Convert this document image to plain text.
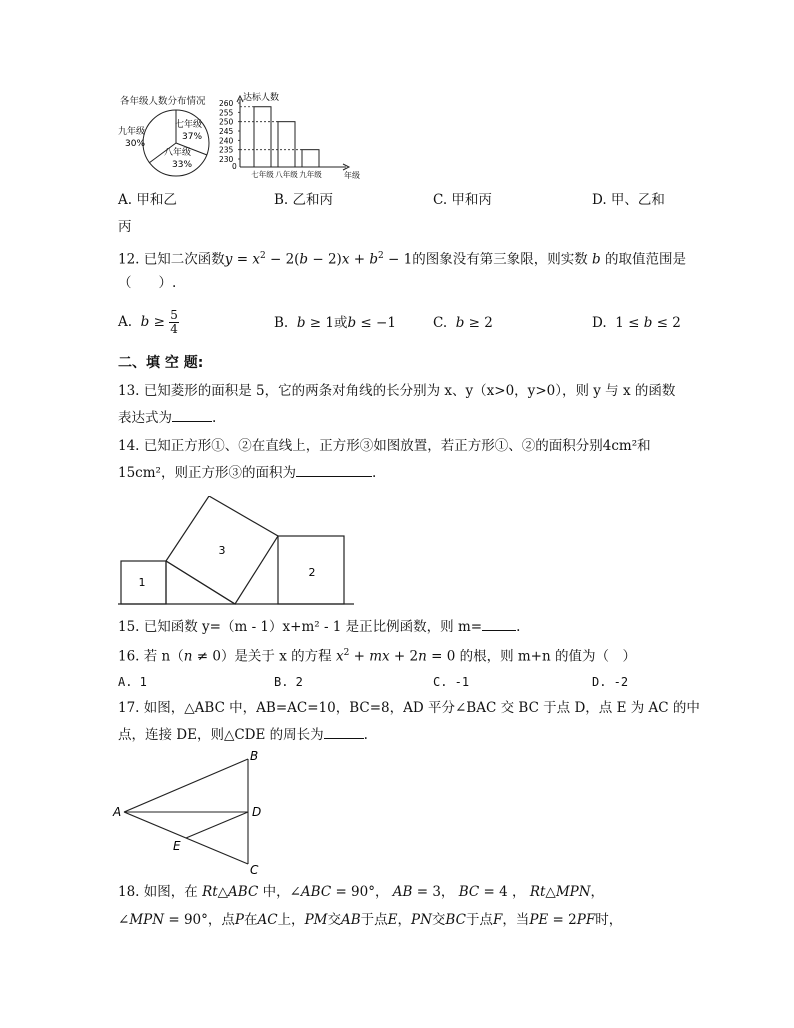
各年级人数分布情况
七年级
37%
八年级
33%
九年级
30%
达标人数
年级
0
230
235
240
245
250
255
260
七年级 八年级 九年级
A. 甲和乙	B. 乙和丙	C. 甲和丙	D. 甲、乙和
丙
12. 已知二次函数$y = x^2 - 2(b - 2)x + b^2 - 1$的图象没有第三象限，则实数 b 的取值范围是
（　　）.
A. $b \ge \frac{5}{4}$	B. b ≥ 1或b ≤ −1	C. b ≥ 2	D.  1 ≤ b ≤ 2
二、填 空 题:
13. 已知菱形的面积是 5，它的两条对角线的长分别为 x、y（x>0，y>0），则 y 与 x 的函数
表达式为	.
14. 已知正方形①、②在直线上，正方形③如图放置，若正方形①、②的面积分别4cm²和
15cm²，则正方形③的面积为	.
1
3
2
15. 已知函数 y=（m - 1）x+m² - 1 是正比例函数，则 m=	.
16. 若 n（n ≠ 0）是关于 x 的方程 $x^2$ + mx + 2n = 0 的根，则 m+n 的值为（　）
A. 1	B. 2	C. -1	D. -2
17. 如图，△ABC 中，AB=AC=10，BC=8，AD 平分∠BAC 交 BC 于点 D，点 E 为 AC 的中
点，连接 DE，则△CDE 的周长为	.
A
B
D
E
C
18. 如图，在 Rt△ABC 中，∠ABC = 90°， AB = 3， BC = 4 ， Rt△MPN，
∠MPN = 90°，点P在AC上，PM交AB于点E，PN交BC于点F，当PE = 2PF时，
